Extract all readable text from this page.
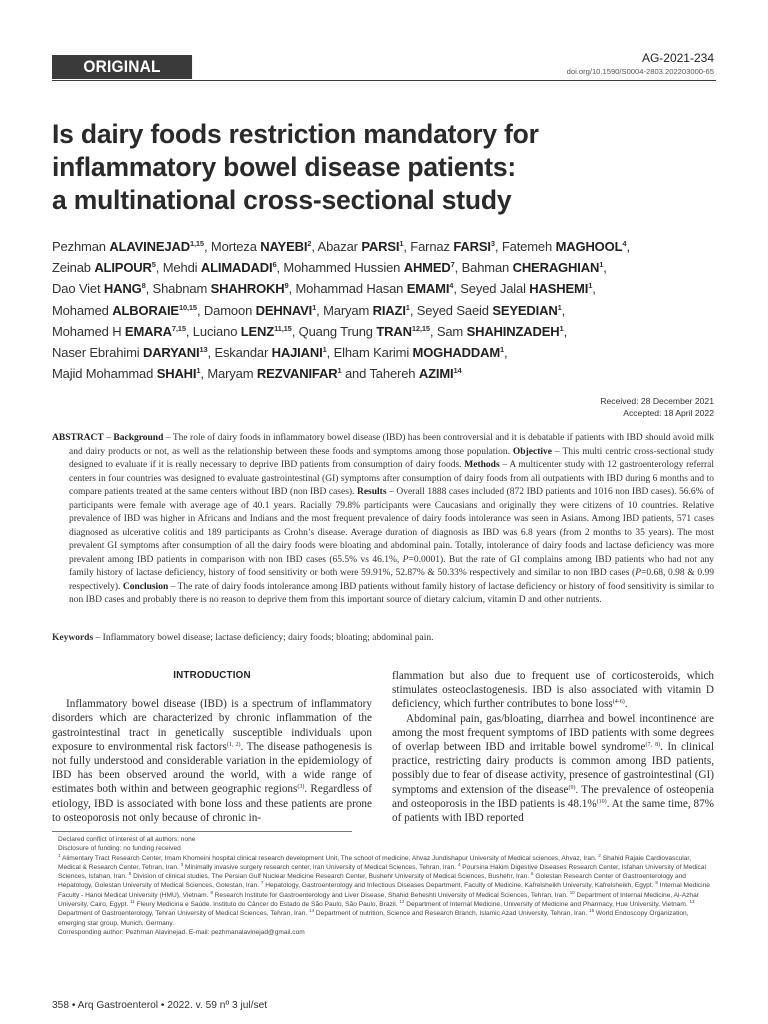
ORIGINAL ARTICLE
AG-2021-234
doi.org/10.1590/S0004-2803.202203000-65
Is dairy foods restriction mandatory for
inflammatory bowel disease patients:
a multinational cross-sectional study
Pezhman ALAVINEJAD$^{1,15}$, Morteza NAYEBI$^2$, Abazar PARSI$^1$, Farnaz FARSI$^3$, Fatemeh MAGHOOL$^4$,
Zeinab ALIPOUR$^5$, Mehdi ALIMADADI$^6$, Mohammed Hussien AHMED$^7$, Bahman CHERAGHIAN$^1$,
Dao Viet HANG$^8$, Shabnam SHAHROKH$^9$, Mohammad Hasan EMAMI$^4$, Seyed Jalal HASHEMI$^1$,
Mohamed ALBORAIE$^{10,15}$, Damoon DEHNAVI$^1$, Maryam RIAZI$^1$, Seyed Saeid SEYEDIAN$^1$,
Mohamed H EMARA$^{7,15}$, Luciano LENZ$^{11,15}$, Quang Trung TRAN$^{12,15}$, Sam SHAHINZADEH$^1$,
Naser Ebrahimi DARYANI$^{13}$, Eskandar HAJIANI$^1$, Elham Karimi MOGHADDAM$^1$,
Majid Mohammad SHAHI$^1$, Maryam REZVANIFAR$^1$ and Tahereh AZIMI$^{14}$
Received: 28 December 2021
Accepted: 18 April 2022

ABSTRACT – Background – The role of dairy foods in inflammatory bowel disease (IBD) has been controversial and it is debatable if patients with IBD should avoid milk and dairy products or not, as well as the relationship between these foods and symptoms among those population. Objective – This multi centric cross-sectional study designed to evaluate if it is really necessary to deprive IBD patients from consumption of dairy foods. Methods – A multicenter study with 12 gastroenterology referral centers in four countries was designed to evaluate gastrointestinal (GI) symptoms after consumption of dairy foods from all outpatients with IBD during 6 months and to compare patients treated at the same centers without IBD (non IBD cases). Results – Overall 1888 cases included (872 IBD patients and 1016 non IBD cases). 56.6% of participants were female with average age of 40.1 years. Racially 79.8% participants were Caucasians and originally they were citizens of 10 countries. Relative prevalence of IBD was higher in Africans and Indians and the most frequent prevalence of dairy foods intolerance was seen in Asians. Among IBD patients, 571 cases diagnosed as ulcerative colitis and 189 participants as Crohn’s disease. Average duration of diagnosis as IBD was 6.8 years (from 2 months to 35 years). The most prevalent GI symptoms after consumption of all the dairy foods were bloating and abdominal pain. Totally, intolerance of dairy foods and lactase deficiency was more prevalent among IBD patients in comparison with non IBD cases (65.5% vs 46.1%, P=0.0001). But the rate of GI complains among IBD patients who had not any family history of lactase deficiency, history of food sensitivity or both were 59.91%, 52.87% & 50.33% respectively and similar to non IBD cases (P=0.68, 0.98 & 0.99 respectively). Conclusion – The rate of dairy foods intolerance among IBD patients without family history of lactase deficiency or history of food sensitivity is similar to non IBD cases and probably there is no reason to deprive them from this important source of dietary calcium, vitamin D and other nutrients.

Keywords – Inflammatory bowel disease; lactase deficiency; dairy foods; bloating; abdominal pain.
INTRODUCTION

Inflammatory bowel disease (IBD) is a spectrum of inflammatory disorders which are characterized by chronic inflammation of the gastrointestinal tract in genetically susceptible individuals upon exposure to environmental risk factors$^{(1, 2)}$. The disease pathogenesis is not fully understood and considerable variation in the epidemiology of IBD has been observed around the world, with a wide range of estimates both within and between geographic regions$^{(3)}$. Regardless of etiology, IBD is associated with bone loss and these patients are prone to osteoporosis not only because of chronic in-

flammation but also due to frequent use of corticosteroids, which stimulates osteoclastogenesis. IBD is also associated with vitamin D deficiency, which further contributes to bone loss$^{(4-6)}$.

Abdominal pain, gas/bloating, diarrhea and bowel incontinence are among the most frequent symptoms of IBD patients with some degrees of overlap between IBD and irritable bowel syndrome$^{(7, 8)}$. In clinical practice, restricting dairy products is common among IBD patients, possibly due to fear of disease activity, presence of gastrointestinal (GI) symptoms and extension of the disease$^{(9)}$. The prevalence of osteopenia and osteoporosis in the IBD patients is 48.1%$^{(10)}$. At the same time, 87% of patients with IBD reported

Declared conflict of interest of all authors: none

Disclosure of funding: no funding received

$^1$ Alimentary Tract Research Center, Imam Khomeini hospital clinical research development Unit, The school of medicine, Ahvaz Jundishapur University of Medical sciences, Ahvaz, Iran. $^2$ Shahid Rajaie Cardiovascular, Medical & Research Center, Tehran, Iran. $^3$ Minimally invasive surgery research center, Iran University of Medical Sciences, Tehran, Iran. $^4$ Poursina Hakim Digestive Diseases Research Center, Isfahan University of Medical Sciences, Isfahan, Iran. $^5$ Division of clinical studies, The Persian Gulf Nuclear Medicine Research Center, Bushehr University of Medical Sciences, Bushehr, Iran. $^6$ Golestan Research Center of Gastroenterology and Hepatology, Golestan University of Medical Sciences, Golestan, Iran. $^7$ Hepatology, Gastroenterology and Infectious Diseases Department, Faculty of Medicine, Kafrelsheikh University, Kafrelsheikh, Egypt. $^8$ Internal Medicine Faculty - Hanoi Medical University (HMU), Vietnam. $^9$ Research Institute for Gastroenterology and Liver Disease, Shahid Beheshti University of Medical Sciences, Tehran, Iran. $^{10}$ Department of Internal Medicine, Al-Azhar University, Cairo, Egypt. $^{11}$ Fleury Medicina e Saúde. Instituto do Câncer do Estado de São Paulo, São Paulo, Brazil. $^{12}$ Department of Internal Medicine, University of Medicine and Pharmacy, Hue University, Vietnam. $^{13}$ Department of Gastroenterology, Tehran University of Medical Sciences, Tehran, Iran. $^{14}$ Department of nutrition, Science and Research Branch, Islamic Azad University, Tehran, Iran. $^{15}$ World Endoscopy Organization, emerging star group, Munich, Germany.

Corresponding author: Pezhman Alavinejad. E-mail: pezhmanalavinejad@gmail.com

358 • Arq Gastroenterol • 2022. v. 59 nº 3 jul/set
